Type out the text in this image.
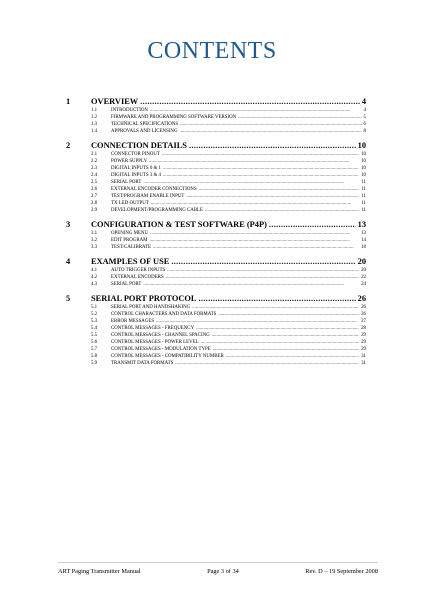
CONTENTS
1	OVERVIEW .....	4
1.1	INTRODUCTION .....	4
1.2	FIRMWARE AND PROGRAMMING SOFTWARE VERSION .....	5
1.3	TECHNICAL SPECIFICATIONS .....	6
1.4	APPROVALS AND LICENSING .....	8
2	CONNECTION DETAILS .....	10
2.1	CONNECTOR PINOUT .....	10
2.2	POWER SUPPLY .....	10
2.3	DIGITAL INPUTS 0 & 1 .....	10
2.4	DIGITAL INPUTS 3 & 4 .....	10
2.5	SERIAL PORT .....	11
2.6	EXTERNAL ENCODER CONNECTIONS .....	11
2.7	TEST/PROGRAM ENABLE INPUT .....	11
2.8	TX LED OUTPUT .....	11
2.9	DEVELOPMENT/PROGRAMMING CABLE .....	11
3	CONFIGURATION & TEST SOFTWARE (P4P) .....	13
3.1	OPENING MENU .....	13
3.2	EDIT PROGRAM .....	14
3.3	TEST/CALIBRATE .....	18
4	EXAMPLES OF USE .....	20
4.1	AUTO TRIGGER INPUTS .....	20
4.2	EXTERNAL ENCODERS .....	22
4.3	SERIAL PORT .....	24
5	SERIAL PORT PROTOCOL .....	26
5.1	SERIAL PORT AND HANDSHAKING .....	26
5.2	CONTROL CHARACTERS AND DATA FORMATS .....	26
5.3	ERROR MESSAGES .....	27
5.4	CONTROL MESSAGES - FREQUENCY .....	28
5.5	CONTROL MESSAGES - CHANNEL SPACING .....	29
5.6	CONTROL MESSAGES - POWER LEVEL .....	29
5.7	CONTROL MESSAGES - MODULATION TYPE .....	29
5.8	CONTROL MESSAGES - COMPATIBILITY NUMBER .....	31
5.9	TRANSMIT DATA FORMATS .....	31
ART Paging Transmitter Manual	Page 3 of 34	Rev. D – 19 September 2008
